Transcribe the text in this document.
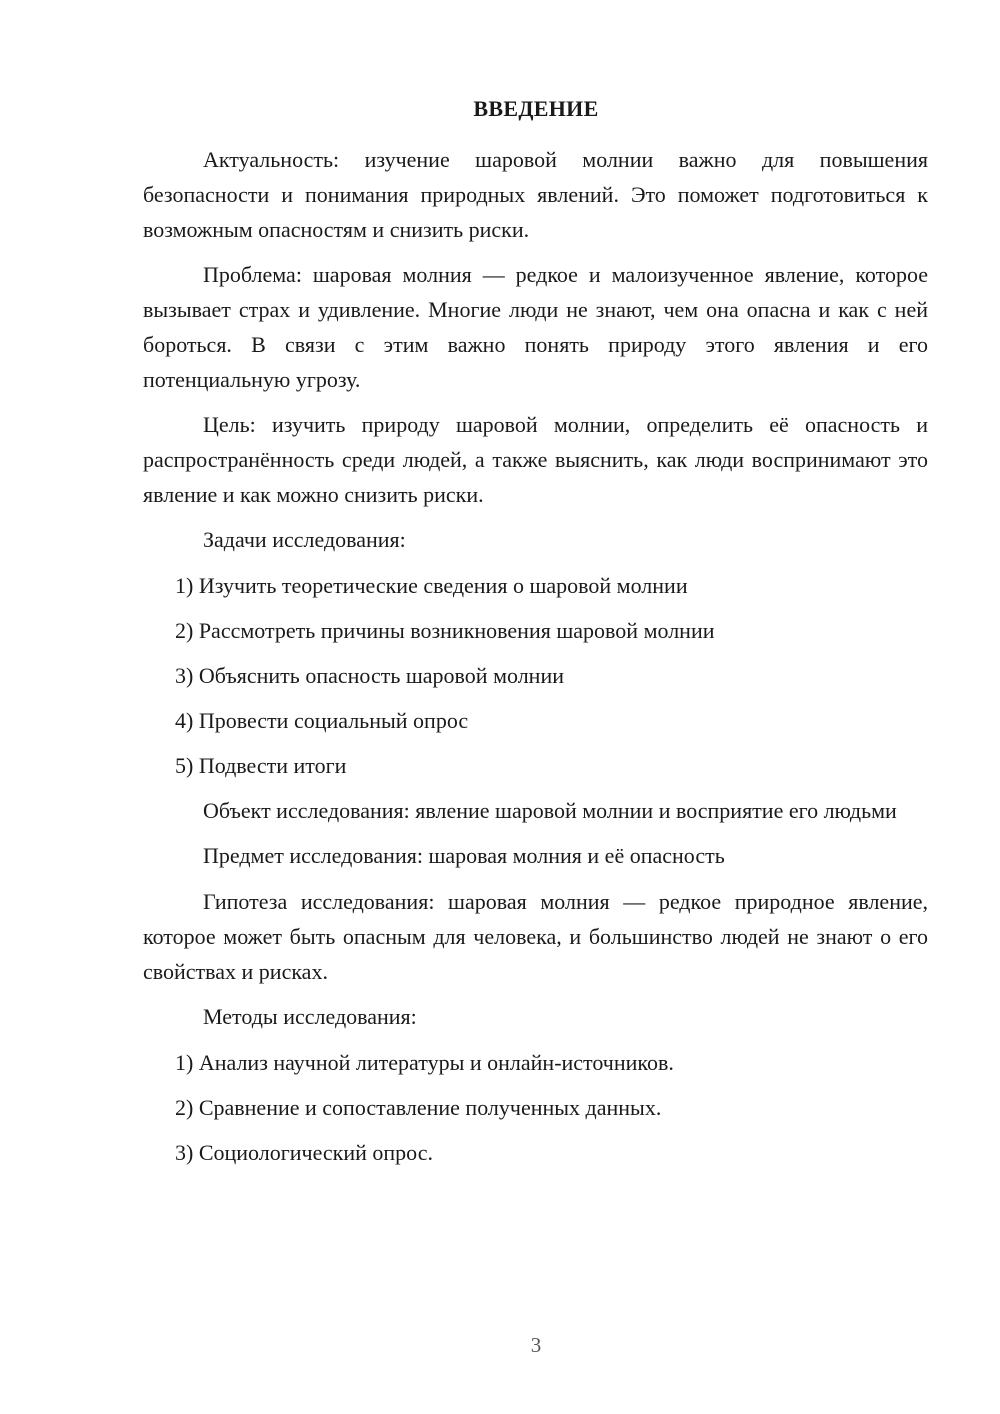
ВВЕДЕНИЕ

Актуальность: изучение шаровой молнии важно для повышения безопасности и понимания природных явлений. Это поможет подготовиться к возможным опасностям и снизить риски.

Проблема: шаровая молния — редкое и малоизученное явление, которое вызывает страх и удивление. Многие люди не знают, чем она опасна и как с ней бороться. В связи с этим важно понять природу этого явления и его потенциальную угрозу.

Цель: изучить природу шаровой молнии, определить её опасность и распространённость среди людей, а также выяснить, как люди воспринимают это явление и как можно снизить риски.

Задачи исследования:

1) Изучить теоретические сведения о шаровой молнии

2) Рассмотреть причины возникновения шаровой молнии

3) Объяснить опасность шаровой молнии

4) Провести социальный опрос

5) Подвести итоги

Объект исследования: явление шаровой молнии и восприятие его людьми

Предмет исследования: шаровая молния и её опасность

Гипотеза исследования: шаровая молния — редкое природное явление, которое может быть опасным для человека, и большинство людей не знают о его свойствах и рисках.

Методы исследования:

1) Анализ научной литературы и онлайн-источников.

2) Сравнение и сопоставление полученных данных.

3) Социологический опрос.

3
